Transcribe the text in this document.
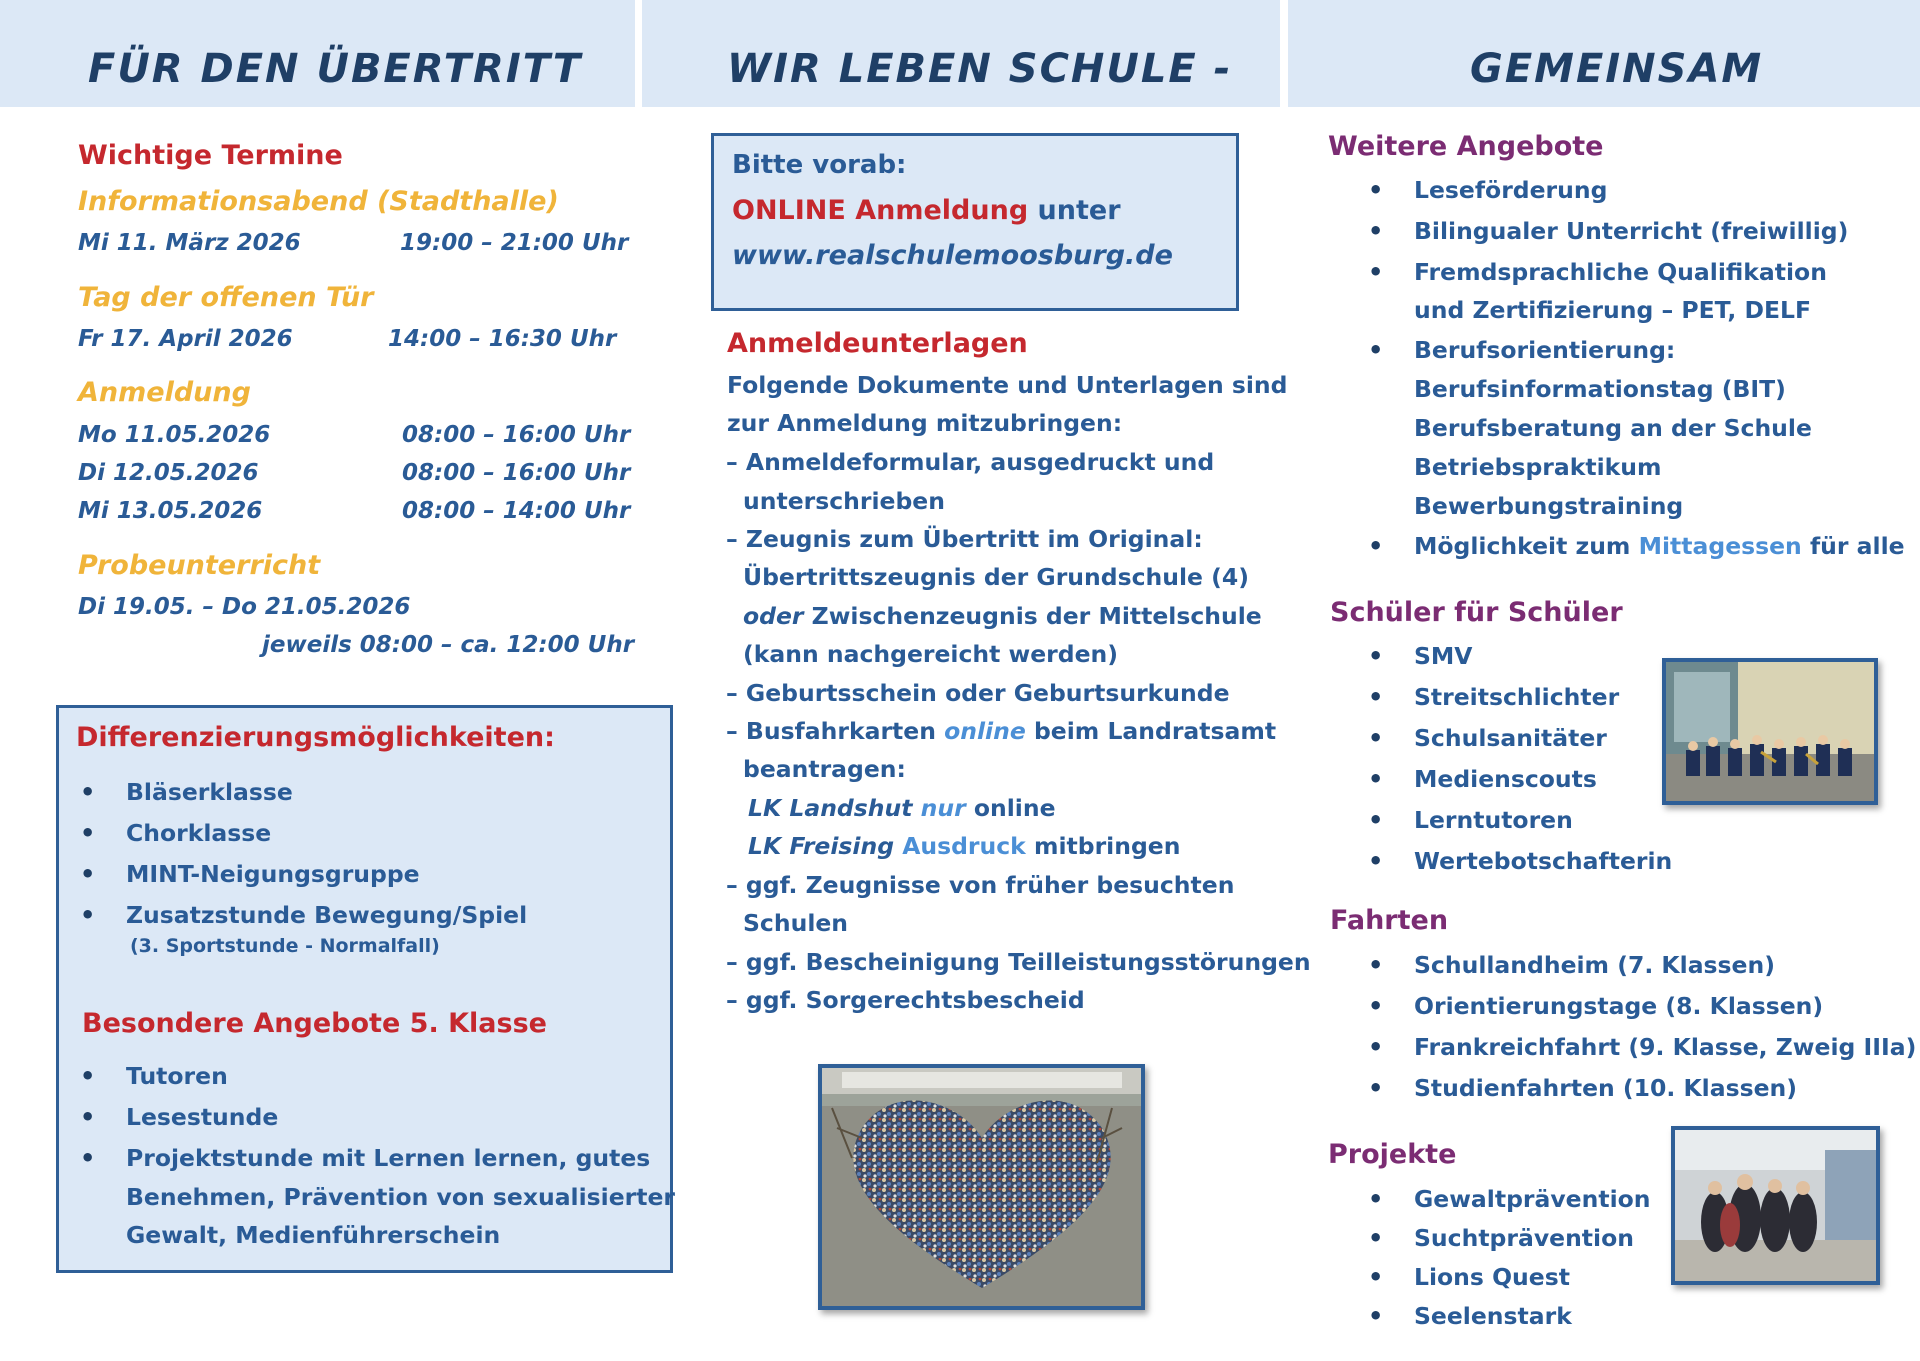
FÜR DEN ÜBERTRITT	WIR LEBEN SCHULE -	GEMEINSAM
Wichtige Termine
Informationsabend (Stadthalle)
Mi 11. März 2026	19:00 – 21:00 Uhr
Tag der offenen Tür
Fr 17. April 2026	14:00 – 16:30 Uhr
Anmeldung
Mo 11.05.2026	08:00 – 16:00 Uhr
Di 12.05.2026	08:00 – 16:00 Uhr
Mi 13.05.2026	08:00 – 14:00 Uhr
Probeunterricht
Di 19.05. – Do 21.05.2026
jeweils 08:00 – ca. 12:00 Uhr
Differenzierungsmöglichkeiten:
• Bläserklasse
• Chorklasse
• MINT-Neigungsgruppe
• Zusatzstunde Bewegung/Spiel
(3. Sportstunde - Normalfall)
Besondere Angebote 5. Klasse
• Tutoren
• Lesestunde
• Projektstunde mit Lernen lernen, gutes
Benehmen, Prävention von sexualisierter
Gewalt, Medienführerschein
Bitte vorab:
ONLINE Anmeldung unter
www.realschulemoosburg.de
Anmeldeunterlagen
Folgende Dokumente und Unterlagen sind
zur Anmeldung mitzubringen:
– Anmeldeformular, ausgedruckt und
unterschrieben
– Zeugnis zum Übertritt im Original:
Übertrittszeugnis der Grundschule (4)
oder Zwischenzeugnis der Mittelschule
(kann nachgereicht werden)
– Geburtsschein oder Geburtsurkunde
– Busfahrkarten online beim Landratsamt
beantragen:
LK Landshut nur online
LK Freising Ausdruck mitbringen
– ggf. Zeugnisse von früher besuchten
Schulen
– ggf. Bescheinigung Teilleistungsstörungen
– ggf. Sorgerechtsbescheid
Weitere Angebote
• Leseförderung
• Bilingualer Unterricht (freiwillig)
• Fremdsprachliche Qualifikation
und Zertifizierung – PET, DELF
• Berufsorientierung:
Berufsinformationstag (BIT)
Berufsberatung an der Schule
Betriebspraktikum
Bewerbungstraining
• Möglichkeit zum Mittagessen für alle
Schüler für Schüler
• SMV
• Streitschlichter
• Schulsanitäter
• Medienscouts
• Lerntutoren
• Wertebotschafterin
Fahrten
• Schullandheim (7. Klassen)
• Orientierungstage (8. Klassen)
• Frankreichfahrt (9. Klasse, Zweig IIIa)
• Studienfahrten (10. Klassen)
Projekte
• Gewaltprävention
• Suchtprävention
• Lions Quest
• Seelenstark
